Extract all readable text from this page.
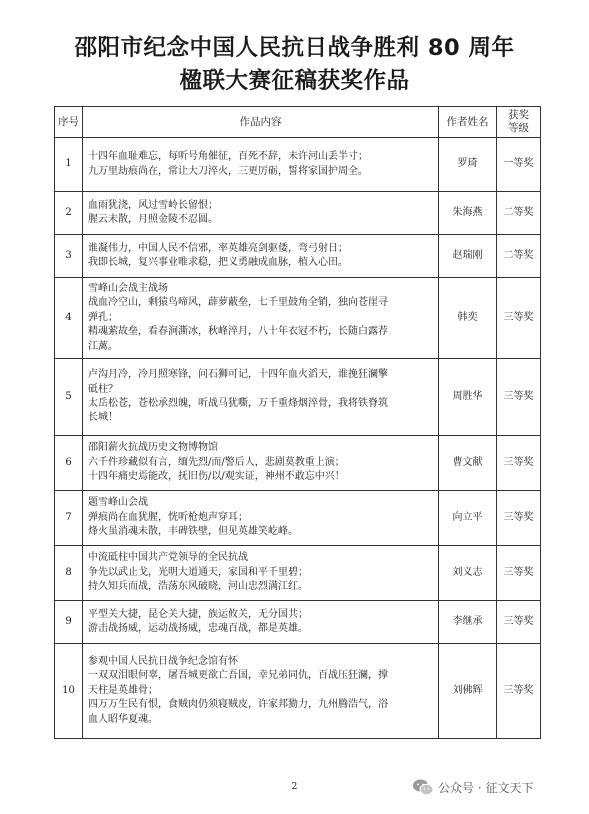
邵阳市纪念中国人民抗日战争胜利 80 周年
楹联大赛征稿获奖作品
序号	作品内容	作者姓名	获奖
等级

1	十四年血耻难忘，每听号角催征，百死不辞，未许河山丢半寸；
九万里劫痕尚在，常让大刀淬火，三更厉砺，誓将家国护周全。	罗琦	一等奖
2	血雨犹浇，风过雪岭长留恨；
腥云未散，月照金陵不忍圆。	朱海燕	二等奖
3	谁凝伟力，中国人民不信邪，率英雄亮剑驱倭，弯弓射日；
我即长城，复兴事业唯求稳，把义勇融成血脉，植入心田。	赵瑞刚	二等奖
4	雪峰山会战主战场
战血冷空山，剩猿鸟啼风，薜萝蔽垒，七千里鼓角全销，独向苍崖寻
弹孔；
精魂萦故垒，看春涧澌冰，秋峰淬月，八十年衣冠不朽，长随白露荐
江蓠。	韩奕	三等奖
5	卢沟月冷，冷月照寒锋，问石狮可记，十四年血火滔天，谁挽狂澜擎
砥柱？
太岳松苍，苍松承烈魄，听战马犹嘶，万千重烽烟淬骨，我将铁脊筑
长城！	周胜华	三等奖
6	邵阳薪火抗战历史文物博物馆
六千件珍藏似有言，缅先烈/而/警后人，悲剧莫教重上演；
十四年痛史焉能改，抚旧伤/以/观实证，神州不敢忘中兴！	曹文献	三等奖
7	题雪峰山会战
弹痕尚在血犹腥，恍听枪炮声穿耳；
烽火虽消魂未散，丰碑铁壁，但见英雄笑屹峰。	向立平	三等奖
8	中流砥柱中国共产党领导的全民抗战
争先以武止戈，光明大道通天，家国和平千里碧；
持久知兵而战，浩荡东风破晓，河山忠烈满江红。	刘义志	三等奖
9	平型关大捷，昆仑关大捷，族运攸关，无分国共；
游击战扬威，运动战扬威，忠魂百战，都是英雄。	李继承	三等奖
10	参观中国人民抗日战争纪念馆有怀
一双双泪眼何辜，屠吾城更欲亡吾国，幸兄弟同仇，百战压狂澜，撑
天柱是英雄骨；
四万万生民有恨，食贼肉仍须寝贼皮，许家邦勠力，九州腾浩气，浴
血人昭华夏魂。	刘佛辉	三等奖
2	公众号 · 征文天下
